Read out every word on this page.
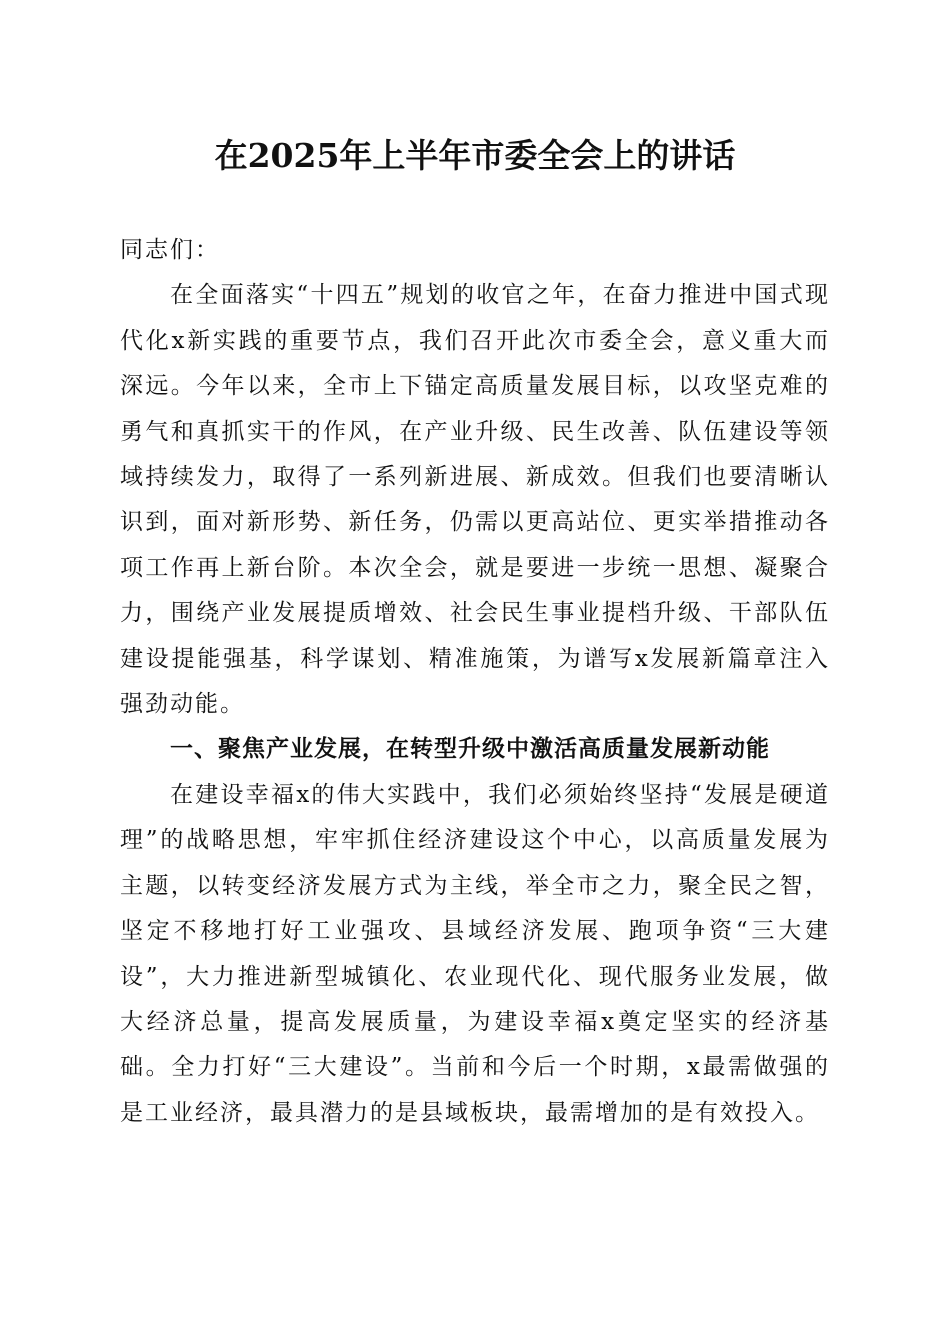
在2025年上半年市委全会上的讲话

同志们：

在全面落实“十四五”规划的收官之年，在奋力推进中国式现代化x新实践的重要节点，我们召开此次市委全会，意义重大而深远。今年以来，全市上下锚定高质量发展目标，以攻坚克难的勇气和真抓实干的作风，在产业升级、民生改善、队伍建设等领域持续发力，取得了一系列新进展、新成效。但我们也要清晰认识到，面对新形势、新任务，仍需以更高站位、更实举措推动各项工作再上新台阶。本次全会，就是要进一步统一思想、凝聚合力，围绕产业发展提质增效、社会民生事业提档升级、干部队伍建设提能强基，科学谋划、精准施策，为谱写x发展新篇章注入强劲动能。

一、聚焦产业发展，在转型升级中激活高质量发展新动能

在建设幸福x的伟大实践中，我们必须始终坚持“发展是硬道理”的战略思想，牢牢抓住经济建设这个中心，以高质量发展为主题，以转变经济发展方式为主线，举全市之力，聚全民之智，坚定不移地打好工业强攻、县域经济发展、跑项争资“三大建设”，大力推进新型城镇化、农业现代化、现代服务业发展，做大经济总量，提高发展质量，为建设幸福x奠定坚实的经济基础。全力打好“三大建设”。当前和今后一个时期，x最需做强的是工业经济，最具潜力的是县域板块，最需增加的是有效投入。
